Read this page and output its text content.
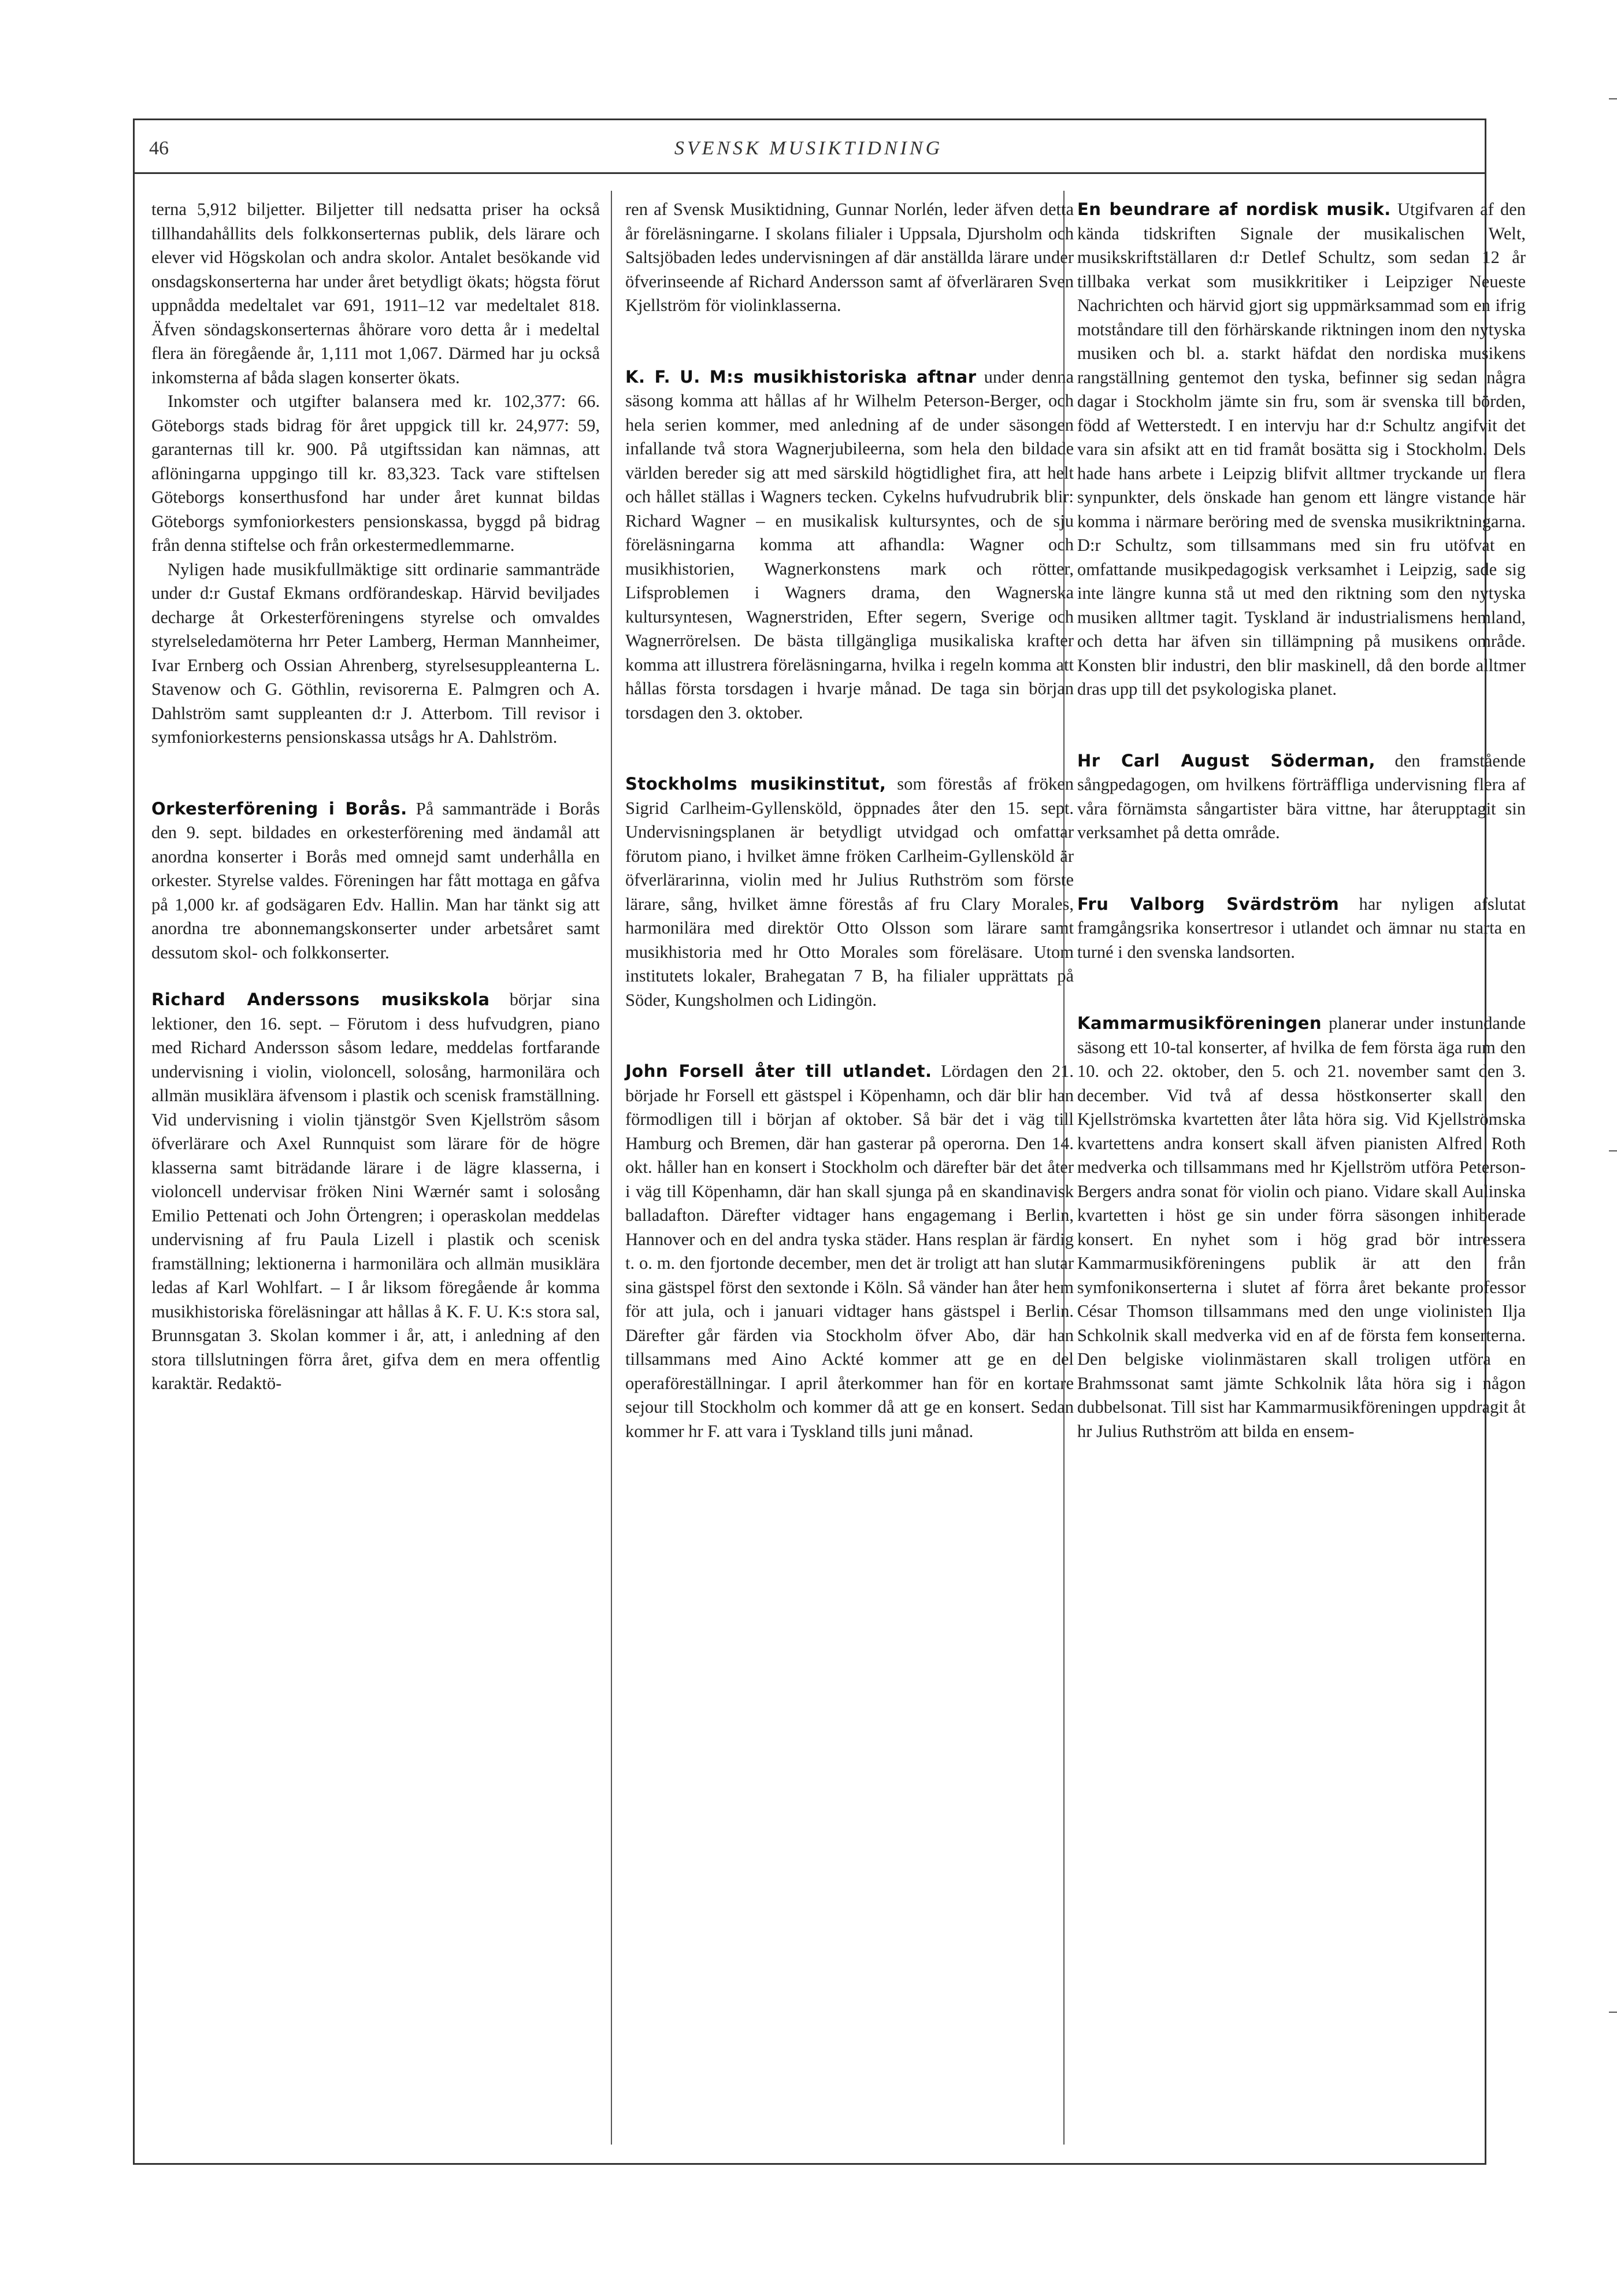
46	SVENSK MUSIKTIDNING

terna 5,912 biljetter. Biljetter till nedsatta priser ha också tillhandahållits dels folkkonserternas publik, dels lärare och elever vid Högskolan och andra skolor. Antalet besökande vid onsdagskonserterna har under året betydligt ökats; högsta förut uppnådda medeltalet var 691, 1911–12 var medeltalet 818. Äfven söndagskonserternas åhörare voro detta år i medeltal flera än föregående år, 1,111 mot 1,067. Därmed har ju också inkomsterna af båda slagen konserter ökats.

Inkomster och utgifter balansera med kr. 102,377: 66. Göteborgs stads bidrag för året uppgick till kr. 24,977: 59, garanternas till kr. 900. På utgiftssidan kan nämnas, att aflöningarna uppgingo till kr. 83,323. Tack vare stiftelsen Göteborgs konserthusfond har under året kunnat bildas Göteborgs symfoniorkesters pensionskassa, byggd på bidrag från denna stiftelse och från orkestermedlemmarne.

Nyligen hade musikfullmäktige sitt ordinarie sammanträde under d:r Gustaf Ekmans ordförandeskap. Härvid beviljades decharge åt Orkesterföreningens styrelse och omvaldes styrelseledamöterna hrr Peter Lamberg, Herman Mannheimer, Ivar Ernberg och Ossian Ahrenberg, styrelsesuppleanterna L. Stavenow och G. Göthlin, revisorerna E. Palmgren och A. Dahlström samt suppleanten d:r J. Atterbom. Till revisor i symfoniorkesterns pensionskassa utsågs hr A. Dahlström.

Orkesterförening i Borås. På sammanträde i Borås den 9. sept. bildades en orkesterförening med ändamål att anordna konserter i Borås med omnejd samt underhålla en orkester. Styrelse valdes. Föreningen har fått mottaga en gåfva på 1,000 kr. af godsägaren Edv. Hallin. Man har tänkt sig att anordna tre abonnemangskonserter under arbetsåret samt dessutom skol- och folkkonserter.

Richard Anderssons musikskola börjar sina lektioner, den 16. sept. – Förutom i dess hufvudgren, piano med Richard Andersson såsom ledare, meddelas fortfarande undervisning i violin, violoncell, solosång, harmonilära och allmän musiklära äfvensom i plastik och scenisk framställning. Vid undervisning i violin tjänstgör Sven Kjellström såsom öfverlärare och Axel Runnquist som lärare för de högre klasserna samt biträdande lärare i de lägre klasserna, i violoncell undervisar fröken Nini Wærnér samt i solosång Emilio Pettenati och John Örtengren; i operaskolan meddelas undervisning af fru Paula Lizell i plastik och scenisk framställning; lektionerna i harmonilära och allmän musiklära ledas af Karl Wohlfart. – I år liksom föregående år komma musikhistoriska föreläsningar att hållas å K. F. U. K:s stora sal, Brunnsgatan 3. Skolan kommer i år, att, i anledning af den stora tillslutningen förra året, gifva dem en mera offentlig karaktär. Redaktö-

ren af Svensk Musiktidning, Gunnar Norlén, leder äfven detta år föreläsningarne. I skolans filialer i Uppsala, Djursholm och Saltsjöbaden ledes undervisningen af där anställda lärare under öfverinseende af Richard Andersson samt af öfverläraren Sven Kjellström för violinklasserna.

K. F. U. M:s musikhistoriska aftnar under denna säsong komma att hållas af hr Wilhelm Peterson-Berger, och hela serien kommer, med anledning af de under säsongen infallande två stora Wagnerjubileerna, som hela den bildade världen bereder sig att med särskild högtidlighet fira, att helt och hållet ställas i Wagners tecken. Cykelns hufvudrubrik blir: Richard Wagner – en musikalisk kultursyntes, och de sju föreläsningarna komma att afhandla: Wagner och musikhistorien, Wagnerkonstens mark och rötter, Lifsproblemen i Wagners drama, den Wagnerska kultursyntesen, Wagnerstriden, Efter segern, Sverige och Wagnerrörelsen. De bästa tillgängliga musikaliska krafter komma att illustrera föreläsningarna, hvilka i regeln komma att hållas första torsdagen i hvarje månad. De taga sin början torsdagen den 3. oktober.

Stockholms musikinstitut, som förestås af fröken Sigrid Carlheim-Gyllensköld, öppnades åter den 15. sept. Undervisningsplanen är betydligt utvidgad och omfattar förutom piano, i hvilket ämne fröken Carlheim-Gyllensköld är öfverlärarinna, violin med hr Julius Ruthström som förste lärare, sång, hvilket ämne förestås af fru Clary Morales, harmonilära med direktör Otto Olsson som lärare samt musikhistoria med hr Otto Morales som föreläsare. Utom institutets lokaler, Brahegatan 7 B, ha filialer upprättats på Söder, Kungsholmen och Lidingön.

John Forsell åter till utlandet. Lördagen den 21. började hr Forsell ett gästspel i Köpenhamn, och där blir han förmodligen till i början af oktober. Så bär det i väg till Hamburg och Bremen, där han gasterar på operorna. Den 14. okt. håller han en konsert i Stockholm och därefter bär det åter i väg till Köpenhamn, där han skall sjunga på en skandinavisk balladafton. Därefter vidtager hans engagemang i Berlin, Hannover och en del andra tyska städer. Hans resplan är färdig t. o. m. den fjortonde december, men det är troligt att han slutar sina gästspel först den sextonde i Köln. Så vänder han åter hem för att jula, och i januari vidtager hans gästspel i Berlin. Därefter går färden via Stockholm öfver Abo, där han tillsammans med Aino Ackté kommer att ge en del operaföreställningar. I april återkommer han för en kortare sejour till Stockholm och kommer då att ge en konsert. Sedan kommer hr F. att vara i Tyskland tills juni månad.

En beundrare af nordisk musik. Utgifvaren af den kända tidskriften Signale der musikalischen Welt, musikskriftställaren d:r Detlef Schultz, som sedan 12 år tillbaka verkat som musikkritiker i Leipziger Neueste Nachrichten och härvid gjort sig uppmärksammad som en ifrig motståndare till den förhärskande riktningen inom den nytyska musiken och bl. a. starkt häfdat den nordiska musikens rangställning gentemot den tyska, befinner sig sedan några dagar i Stockholm jämte sin fru, som är svenska till börden, född af Wetterstedt. I en intervju har d:r Schultz angifvit det vara sin afsikt att en tid framåt bosätta sig i Stockholm. Dels hade hans arbete i Leipzig blifvit alltmer tryckande ur flera synpunkter, dels önskade han genom ett längre vistande här komma i närmare beröring med de svenska musikriktningarna. D:r Schultz, som tillsammans med sin fru utöfvat en omfattande musikpedagogisk verksamhet i Leipzig, sade sig inte längre kunna stå ut med den riktning som den nytyska musiken alltmer tagit. Tyskland är industrialismens hemland, och detta har äfven sin tillämpning på musikens område. Konsten blir industri, den blir maskinell, då den borde alltmer dras upp till det psykologiska planet.

Hr Carl August Söderman, den framstående sångpedagogen, om hvilkens förträffliga undervisning flera af våra förnämsta sångartister bära vittne, har återupptagit sin verksamhet på detta område.

Fru Valborg Svärdström har nyligen afslutat framgångsrika konsertresor i utlandet och ämnar nu starta en turné i den svenska landsorten.

Kammarmusikföreningen planerar under instundande säsong ett 10-tal konserter, af hvilka de fem första äga rum den 10. och 22. oktober, den 5. och 21. november samt den 3. december. Vid två af dessa höstkonserter skall den Kjellströmska kvartetten åter låta höra sig. Vid Kjellströmska kvartettens andra konsert skall äfven pianisten Alfred Roth medverka och tillsammans med hr Kjellström utföra Peterson-Bergers andra sonat för violin och piano. Vidare skall Aulinska kvartetten i höst ge sin under förra säsongen inhiberade konsert. En nyhet som i hög grad bör intressera Kammarmusikföreningens publik är att den från symfonikonserterna i slutet af förra året bekante professor César Thomson tillsammans med den unge violinisten Ilja Schkolnik skall medverka vid en af de första fem konserterna. Den belgiske violinmästaren skall troligen utföra en Brahmssonat samt jämte Schkolnik låta höra sig i någon dubbelsonat. Till sist har Kammarmusikföreningen uppdragit åt hr Julius Ruthström att bilda en ensem-
